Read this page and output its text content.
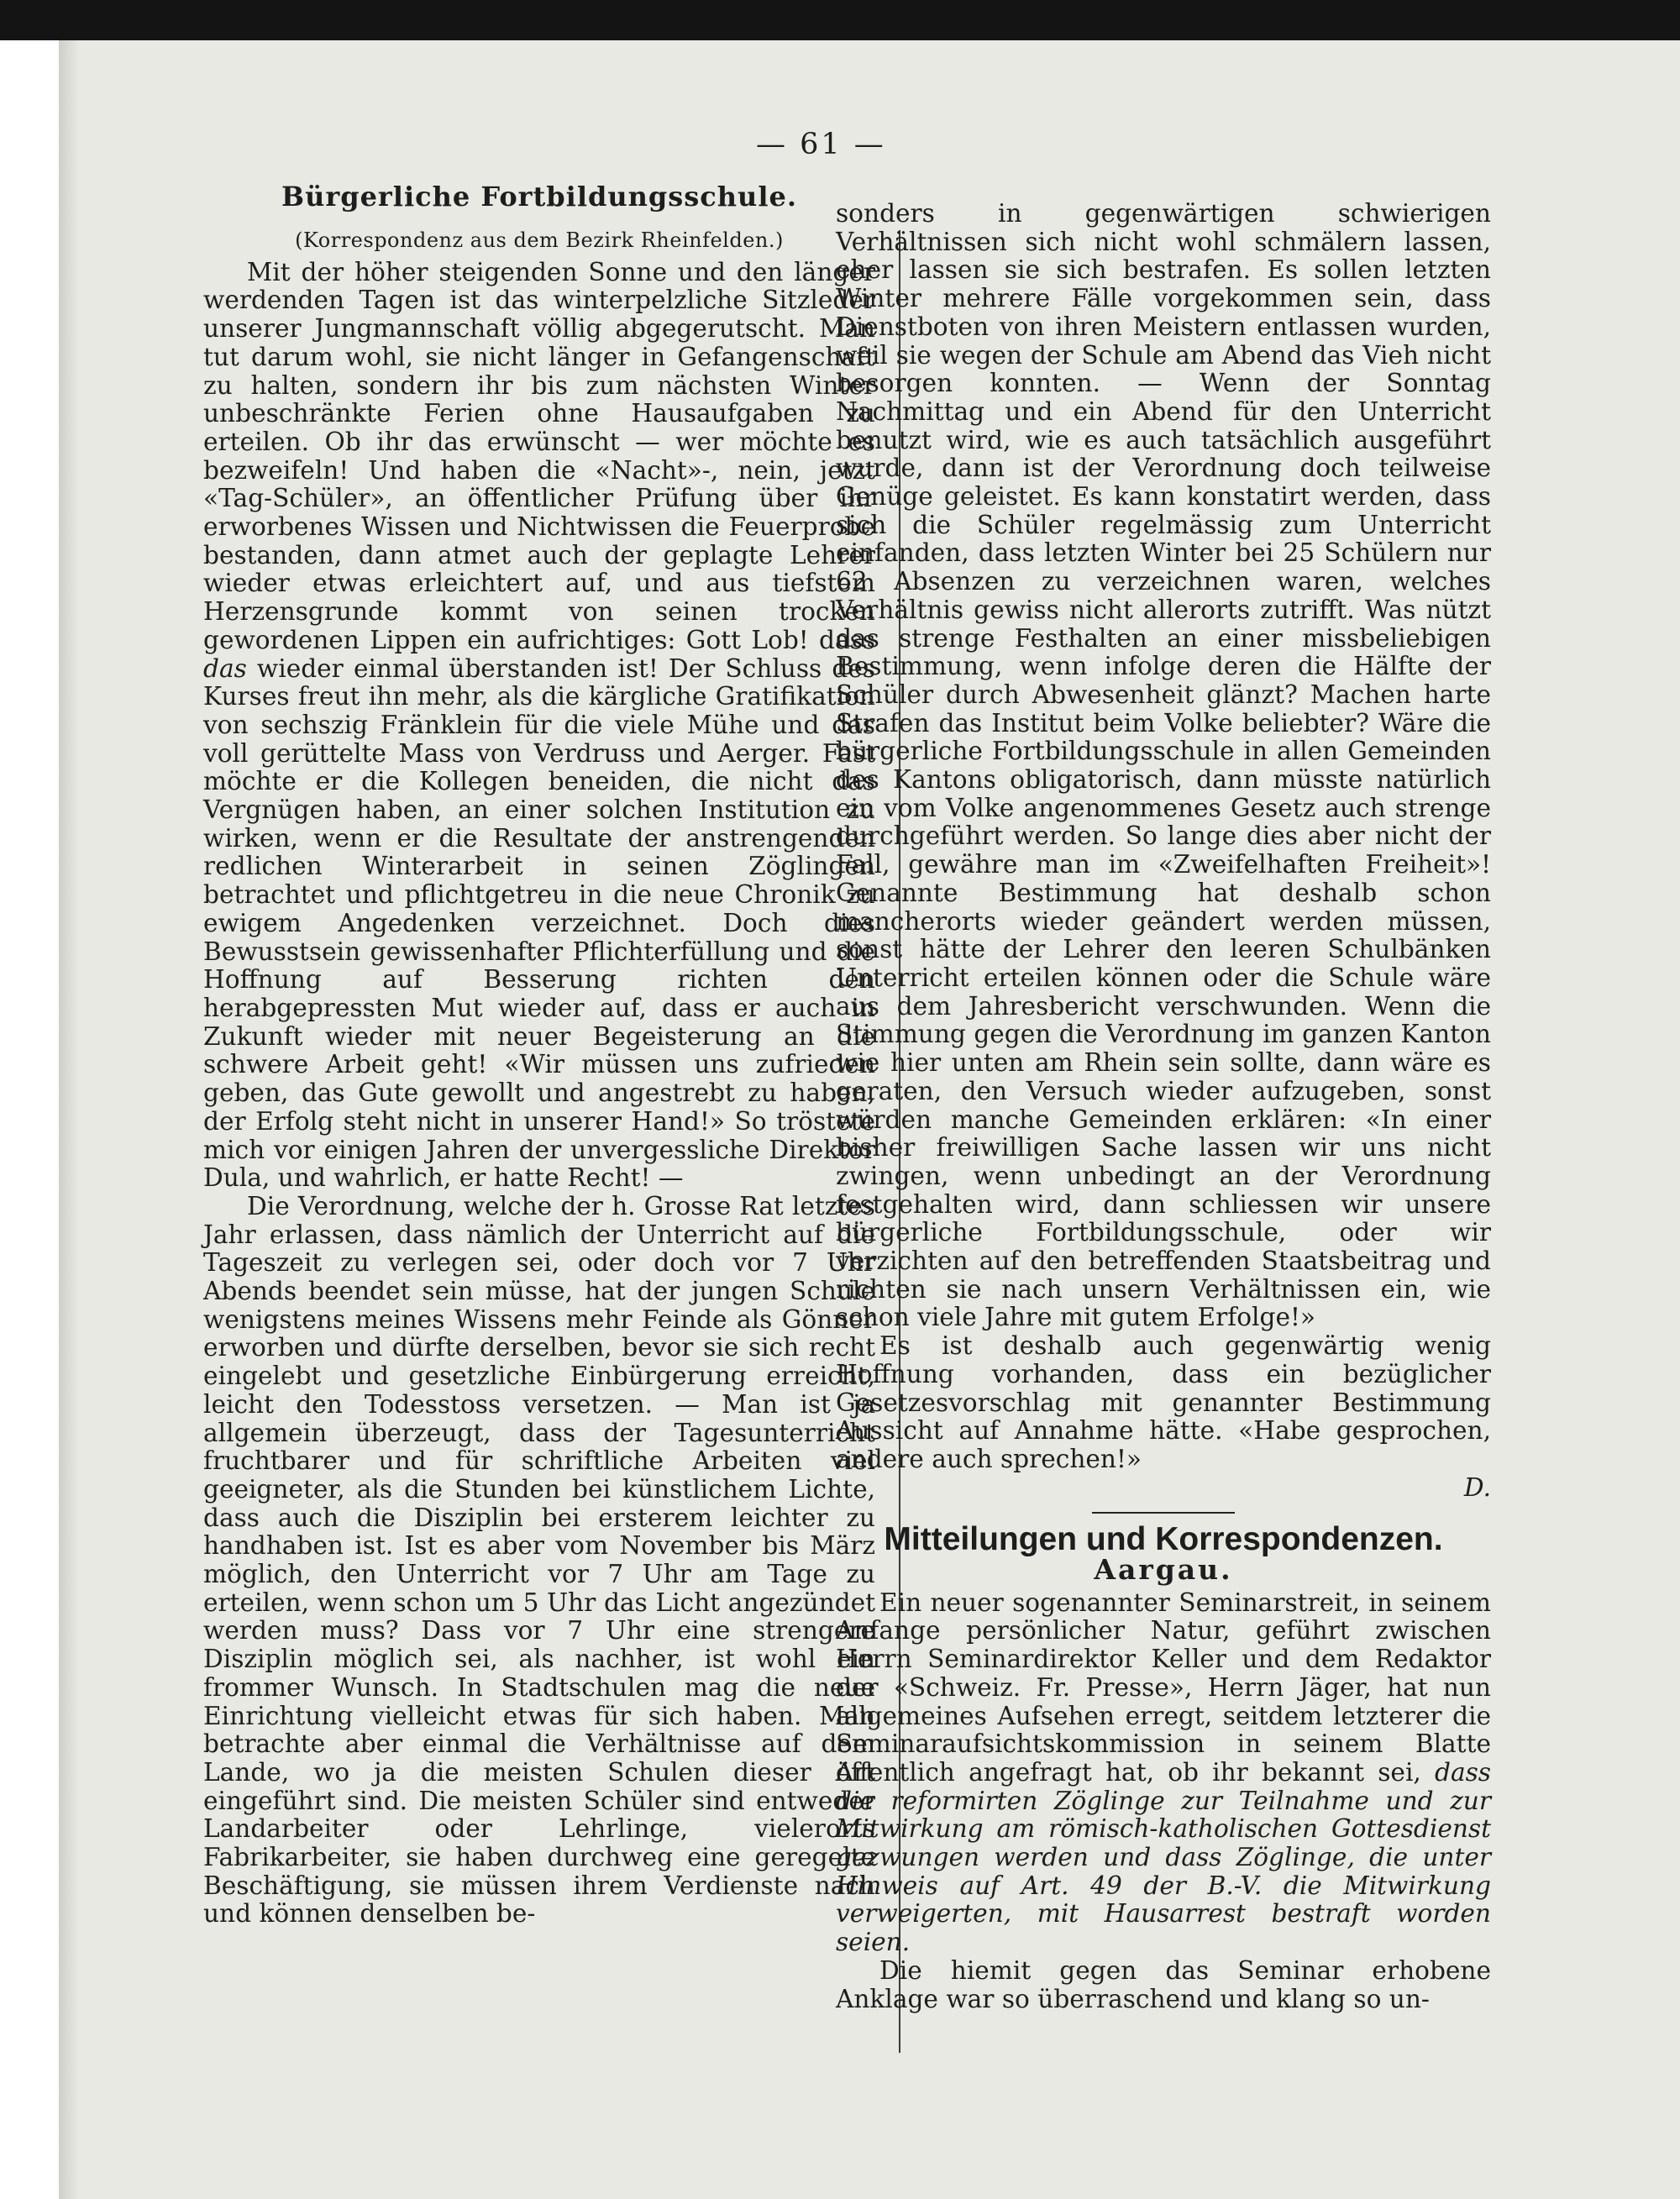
— 61 —
Bürgerliche Fortbildungsschule.
(Korrespondenz aus dem Bezirk Rheinfelden.)

Mit der höher steigenden Sonne und den länger werdenden Tagen ist das winterpelzliche Sitzleder unserer Jungmannschaft völlig abgegerutscht. Man tut darum wohl, sie nicht länger in Gefangenschaft zu halten, sondern ihr bis zum nächsten Winter unbeschränkte Ferien ohne Hausaufgaben zu erteilen. Ob ihr das erwünscht — wer möchte es bezweifeln! Und haben die «Nacht»-, nein, jetzt «Tag-Schüler», an öffentlicher Prüfung über ihr erworbenes Wissen und Nichtwissen die Feuerprobe bestanden, dann atmet auch der geplagte Lehrer wieder etwas erleichtert auf, und aus tiefstem Herzensgrunde kommt von seinen trocken gewordenen Lippen ein aufrichtiges: Gott Lob! dass das wieder einmal überstanden ist! Der Schluss des Kurses freut ihn mehr, als die kärgliche Gratifikation von sechszig Fränklein für die viele Mühe und das voll gerüttelte Mass von Verdruss und Aerger. Fast möchte er die Kollegen beneiden, die nicht das Vergnügen haben, an einer solchen Institution zu wirken, wenn er die Resultate der anstrengenden redlichen Winterarbeit in seinen Zöglingen betrachtet und pflichtgetreu in die neue Chronik zu ewigem Angedenken verzeichnet. Doch dies Bewusstsein gewissenhafter Pflichterfüllung und die Hoffnung auf Besserung richten den herabgepressten Mut wieder auf, dass er auch in Zukunft wieder mit neuer Begeisterung an die schwere Arbeit geht! «Wir müssen uns zufrieden geben, das Gute gewollt und angestrebt zu haben, der Erfolg steht nicht in unserer Hand!» So tröstete mich vor einigen Jahren der unvergessliche Direktor Dula, und wahrlich, er hatte Recht! —

Die Verordnung, welche der h. Grosse Rat letztes Jahr erlassen, dass nämlich der Unterricht auf die Tageszeit zu verlegen sei, oder doch vor 7 Uhr Abends beendet sein müsse, hat der jungen Schule wenigstens meines Wissens mehr Feinde als Gönner erworben und dürfte derselben, bevor sie sich recht eingelebt und gesetzliche Einbürgerung erreicht, leicht den Todesstoss versetzen. — Man ist ja allgemein überzeugt, dass der Tagesunterricht fruchtbarer und für schriftliche Arbeiten viel geeigneter, als die Stunden bei künstlichem Lichte, dass auch die Disziplin bei ersterem leichter zu handhaben ist. Ist es aber vom November bis März möglich, den Unterricht vor 7 Uhr am Tage zu erteilen, wenn schon um 5 Uhr das Licht angezündet werden muss? Dass vor 7 Uhr eine strengere Disziplin möglich sei, als nachher, ist wohl ein frommer Wunsch. In Stadtschulen mag die neue Einrichtung vielleicht etwas für sich haben. Man betrachte aber einmal die Verhältnisse auf dem Lande, wo ja die meisten Schulen dieser Art eingeführt sind. Die meisten Schüler sind entweder Landarbeiter oder Lehrlinge, vielerorts Fabrikarbeiter, sie haben durchweg eine geregelte Beschäftigung, sie müssen ihrem Verdienste nach und können denselben be-

sonders in gegenwärtigen schwierigen Verhältnissen sich nicht wohl schmälern lassen, eher lassen sie sich bestrafen. Es sollen letzten Winter mehrere Fälle vorgekommen sein, dass Dienstboten von ihren Meistern entlassen wurden, weil sie wegen der Schule am Abend das Vieh nicht besorgen konnten. — Wenn der Sonntag Nachmittag und ein Abend für den Unterricht benutzt wird, wie es auch tatsächlich ausgeführt wurde, dann ist der Verordnung doch teilweise Genüge geleistet. Es kann konstatirt werden, dass sich die Schüler regelmässig zum Unterricht einfanden, dass letzten Winter bei 25 Schülern nur 62 Absenzen zu verzeichnen waren, welches Verhältnis gewiss nicht allerorts zutrifft. Was nützt das strenge Festhalten an einer missbeliebigen Bestimmung, wenn infolge deren die Hälfte der Schüler durch Abwesenheit glänzt? Machen harte Strafen das Institut beim Volke beliebter? Wäre die bürgerliche Fortbildungsschule in allen Gemeinden des Kantons obligatorisch, dann müsste natürlich ein vom Volke angenommenes Gesetz auch strenge durchgeführt werden. So lange dies aber nicht der Fall, gewähre man im «Zweifelhaften Freiheit»! Genannte Bestimmung hat deshalb schon mancherorts wieder geändert werden müssen, sonst hätte der Lehrer den leeren Schulbänken Unterricht erteilen können oder die Schule wäre aus dem Jahresbericht verschwunden. Wenn die Stimmung gegen die Verordnung im ganzen Kanton wie hier unten am Rhein sein sollte, dann wäre es geraten, den Versuch wieder aufzugeben, sonst würden manche Gemeinden erklären: «In einer bisher freiwilligen Sache lassen wir uns nicht zwingen, wenn unbedingt an der Verordnung festgehalten wird, dann schliessen wir unsere bürgerliche Fortbildungsschule, oder wir verzichten auf den betreffenden Staatsbeitrag und richten sie nach unsern Verhältnissen ein, wie schon viele Jahre mit gutem Erfolge!»

Es ist deshalb auch gegenwärtig wenig Hoffnung vorhanden, dass ein bezüglicher Gesetzesvorschlag mit genannter Bestimmung Aussicht auf Annahme hätte. «Habe gesprochen, andere auch sprechen!»

D.
Mitteilungen und Korrespondenzen.
Aargau.

Ein neuer sogenannter Seminarstreit, in seinem Anfange persönlicher Natur, geführt zwischen Herrn Seminardirektor Keller und dem Redaktor der «Schweiz. Fr. Presse», Herrn Jäger, hat nun allgemeines Aufsehen erregt, seitdem letzterer die Seminaraufsichtskommission in seinem Blatte öffentlich angefragt hat, ob ihr bekannt sei, dass die reformirten Zöglinge zur Teilnahme und zur Mitwirkung am römisch-katholischen Gottesdienst gezwungen werden und dass Zöglinge, die unter Hinweis auf Art. 49 der B.-V. die Mitwirkung verweigerten, mit Hausarrest bestraft worden seien.

Die hiemit gegen das Seminar erhobene Anklage war so überraschend und klang so un-
